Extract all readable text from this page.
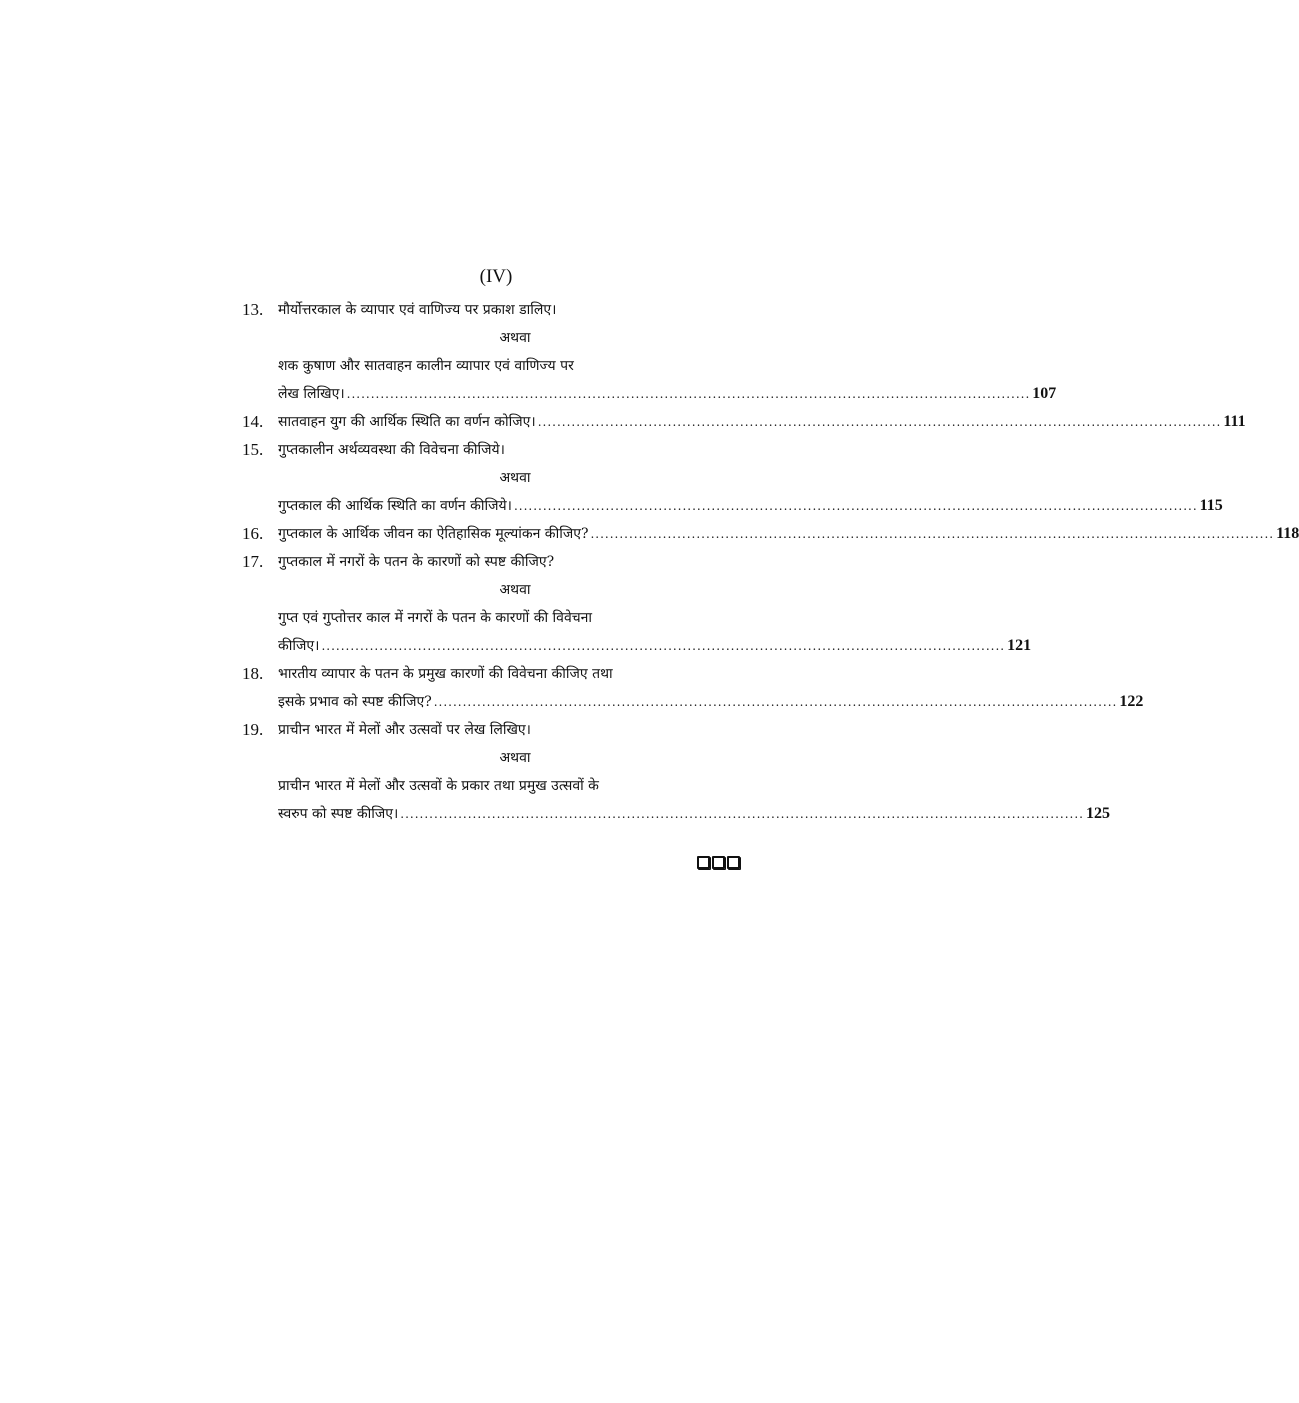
(IV)
13. मौर्योत्तरकाल के व्यापार एवं वाणिज्य पर प्रकाश डालिए।
अथवा
शक कुषाण और सातवाहन कालीन व्यापार एवं वाणिज्य पर
लेख लिखिए। .............................................................................................................................................. 107
14. सातवाहन युग की आर्थिक स्थिति का वर्णन कोजिए। .............................................................................................................................................. 111
15. गुप्तकालीन अर्थव्यवस्था की विवेचना कीजिये।
अथवा
गुप्तकाल की आर्थिक स्थिति का वर्णन कीजिये। .............................................................................................................................................. 115
16. गुप्तकाल के आर्थिक जीवन का ऐतिहासिक मूल्यांकन कीजिए? .............................................................................................................................................. 118
17. गुप्तकाल में नगरों के पतन के कारणों को स्पष्ट कीजिए?
अथवा
गुप्त एवं गुप्तोत्तर काल में नगरों के पतन के कारणों की विवेचना
कीजिए। .............................................................................................................................................. 121
18. भारतीय व्यापार के पतन के प्रमुख कारणों की विवेचना कीजिए तथा
इसके प्रभाव को स्पष्ट कीजिए? .............................................................................................................................................. 122
19. प्राचीन भारत में मेलों और उत्सवों पर लेख लिखिए।
अथवा
प्राचीन भारत में मेलों और उत्सवों के प्रकार तथा प्रमुख उत्सवों के
स्वरुप को स्पष्ट कीजिए। .............................................................................................................................................. 125
